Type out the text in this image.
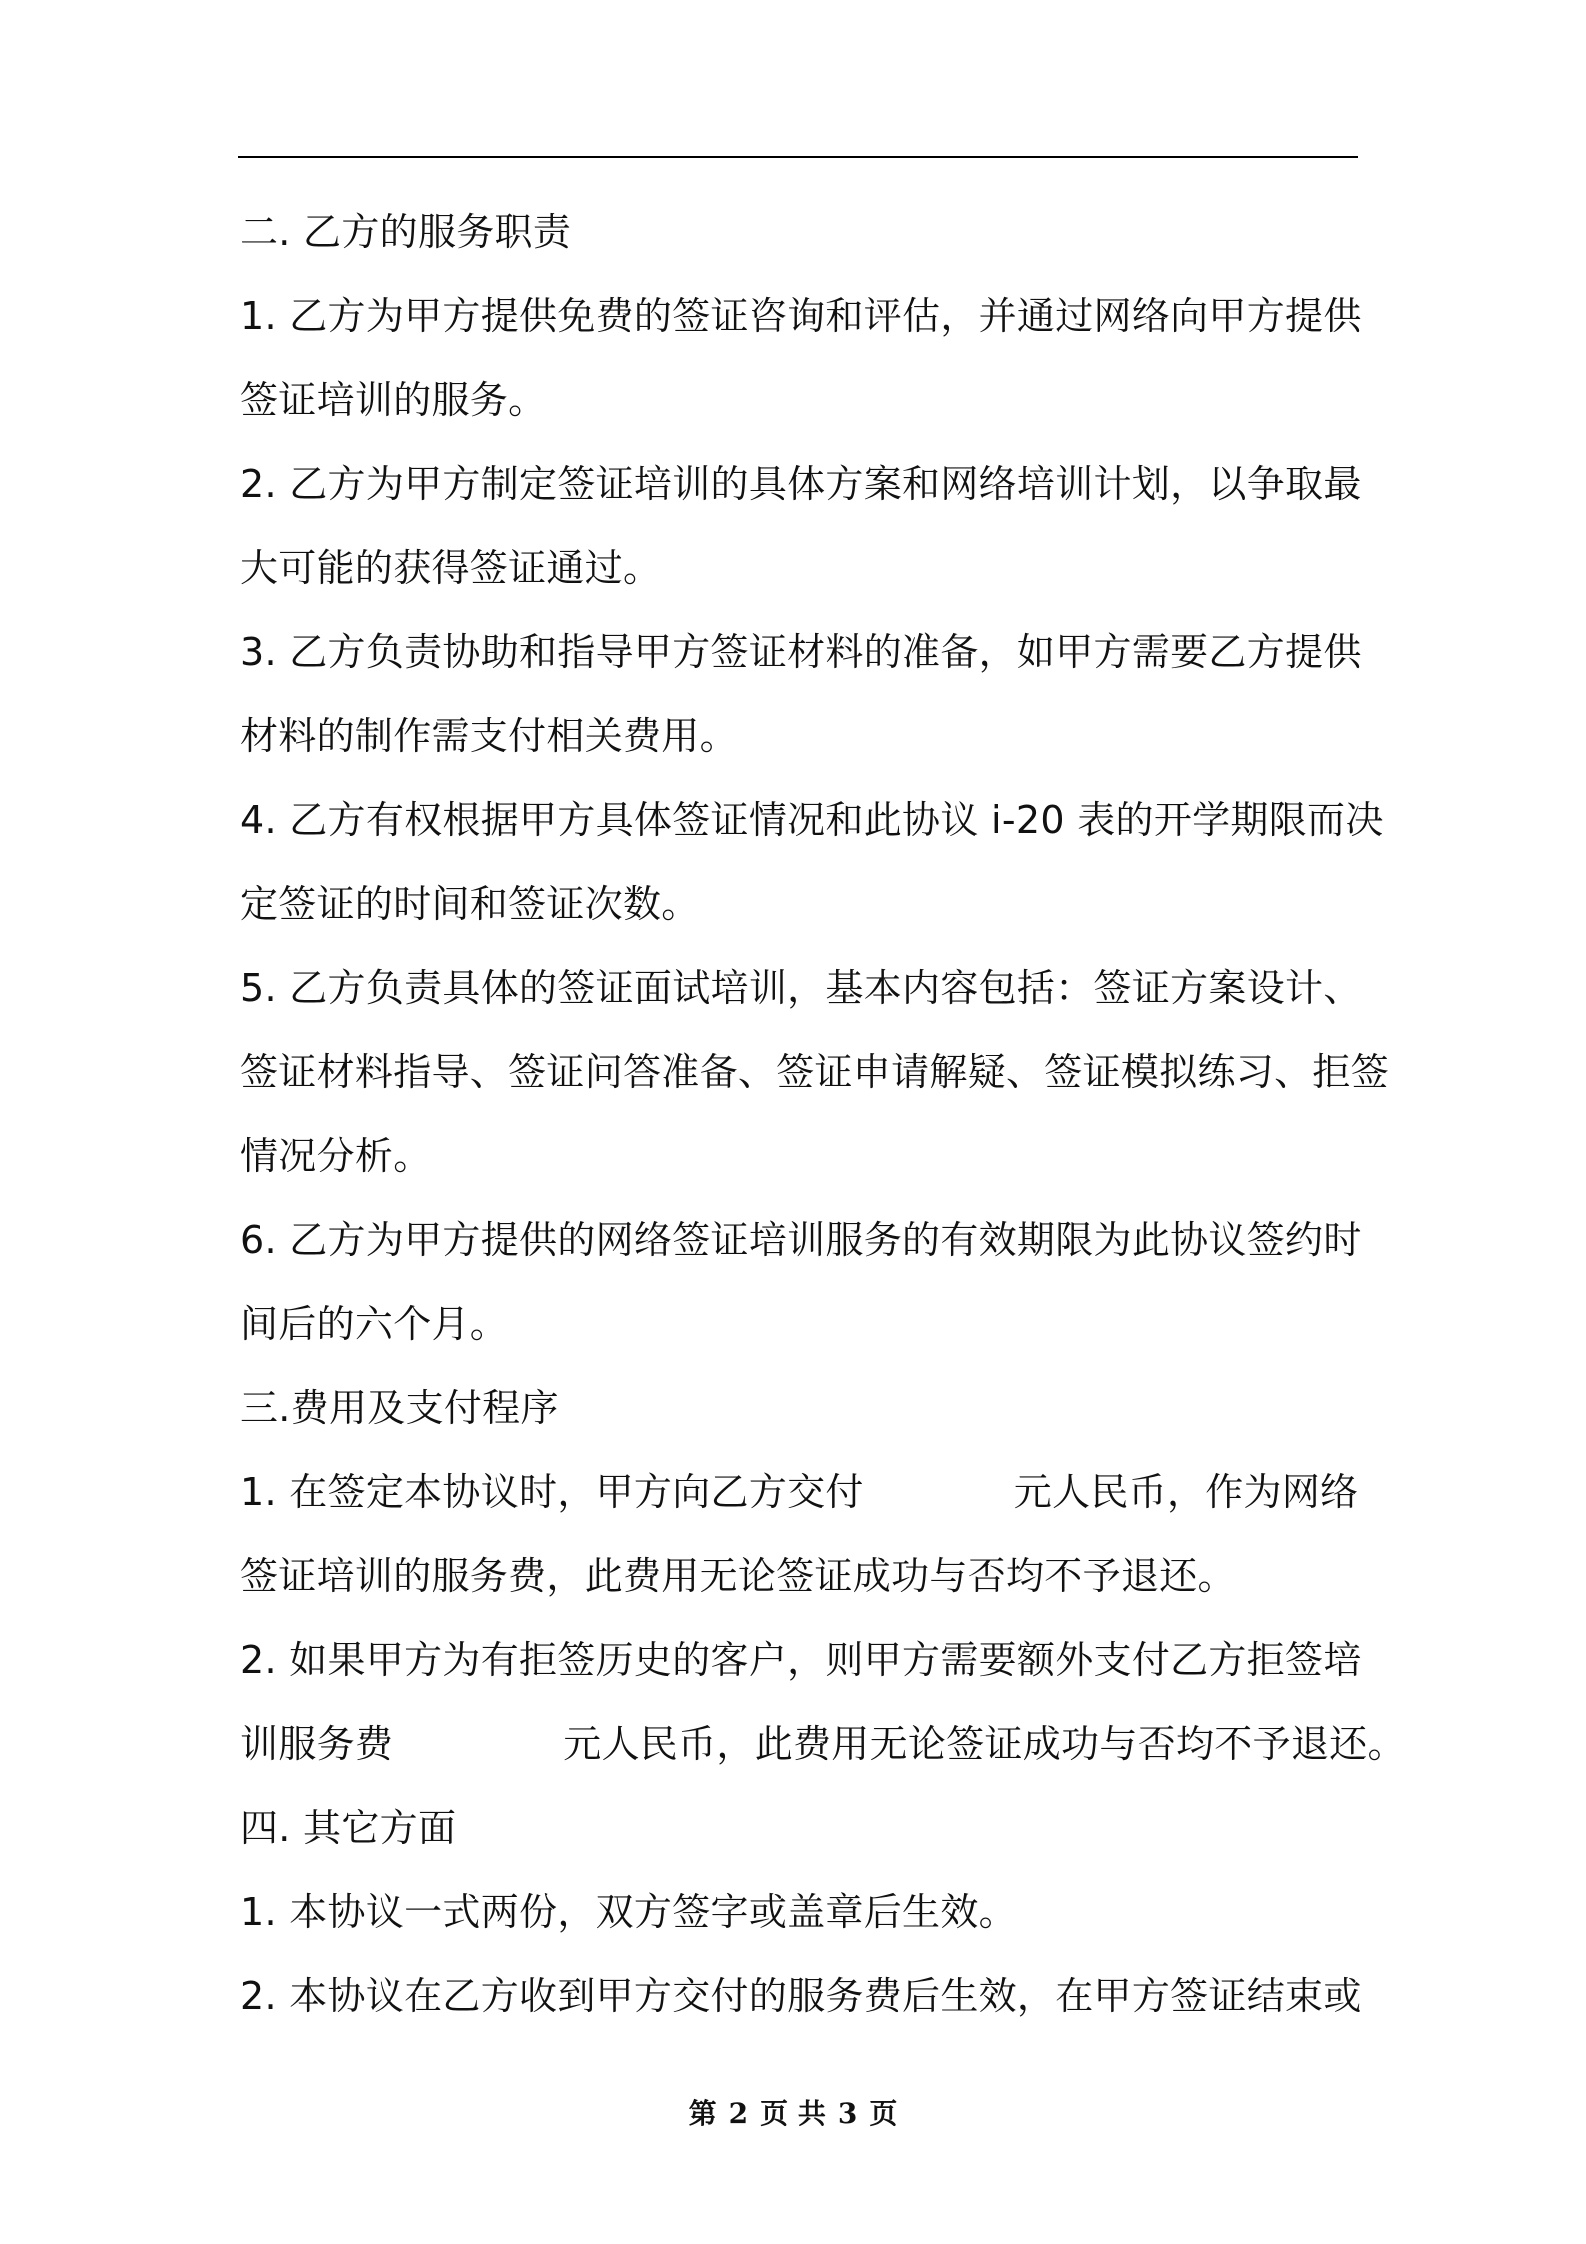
二. 乙方的服务职责
1. 乙方为甲方提供免费的签证咨询和评估，并通过网络向甲方提供
签证培训的服务。
2. 乙方为甲方制定签证培训的具体方案和网络培训计划，以争取最
大可能的获得签证通过。
3. 乙方负责协助和指导甲方签证材料的准备，如甲方需要乙方提供
材料的制作需支付相关费用。
4. 乙方有权根据甲方具体签证情况和此协议 i-20 表的开学期限而决
定签证的时间和签证次数。
5. 乙方负责具体的签证面试培训，基本内容包括：签证方案设计、
签证材料指导、签证问答准备、签证申请解疑、签证模拟练习、拒签
情况分析。
6. 乙方为甲方提供的网络签证培训服务的有效期限为此协议签约时
间后的六个月。
三.费用及支付程序
1. 在签定本协议时，甲方向乙方交付	元人民币，作为网络
签证培训的服务费，此费用无论签证成功与否均不予退还。
2. 如果甲方为有拒签历史的客户，则甲方需要额外支付乙方拒签培
训服务费	元人民币，此费用无论签证成功与否均不予退还。
四. 其它方面
1. 本协议一式两份，双方签字或盖章后生效。
2. 本协议在乙方收到甲方交付的服务费后生效，在甲方签证结束或
第 2 页 共 3 页
